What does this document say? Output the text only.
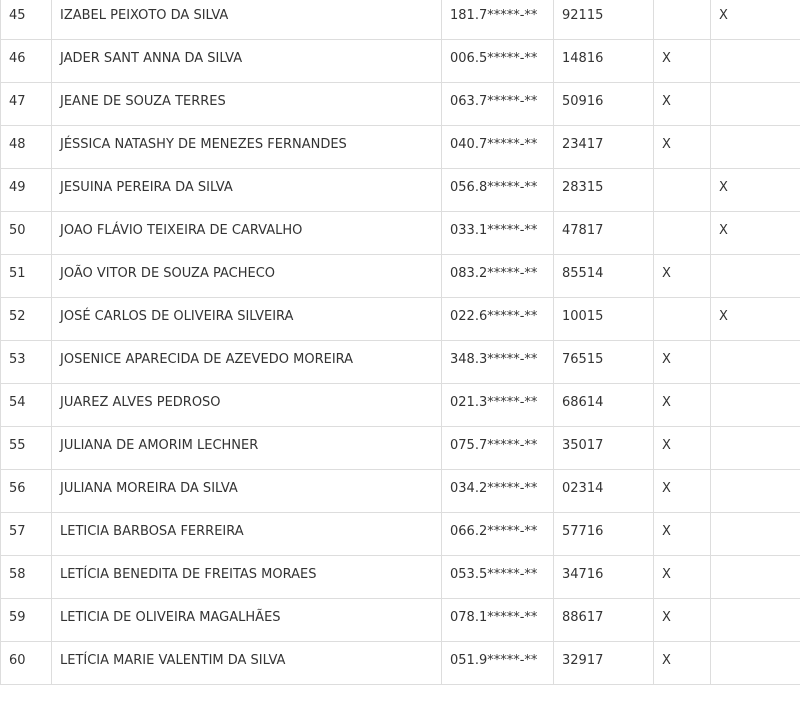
45	IZABEL PEIXOTO DA SILVA	181.7*****-**	92115		X
46	JADER SANT ANNA DA SILVA	006.5*****-**	14816	X	
47	JEANE DE SOUZA TERRES	063.7*****-**	50916	X	
48	JÉSSICA NATASHY DE MENEZES FERNANDES	040.7*****-**	23417	X	
49	JESUINA PEREIRA DA SILVA	056.8*****-**	28315		X
50	JOAO FLÁVIO TEIXEIRA DE CARVALHO	033.1*****-**	47817		X
51	JOÃO VITOR DE SOUZA PACHECO	083.2*****-**	85514	X	
52	JOSÉ CARLOS DE OLIVEIRA SILVEIRA	022.6*****-**	10015		X
53	JOSENICE APARECIDA DE AZEVEDO MOREIRA	348.3*****-**	76515	X	
54	JUAREZ ALVES PEDROSO	021.3*****-**	68614	X	
55	JULIANA DE AMORIM LECHNER	075.7*****-**	35017	X	
56	JULIANA MOREIRA DA SILVA	034.2*****-**	02314	X	
57	LETICIA BARBOSA FERREIRA	066.2*****-**	57716	X	
58	LETÍCIA BENEDITA DE FREITAS MORAES	053.5*****-**	34716	X	
59	LETICIA DE OLIVEIRA MAGALHÃES	078.1*****-**	88617	X	
60	LETÍCIA MARIE VALENTIM DA SILVA	051.9*****-**	32917	X	
